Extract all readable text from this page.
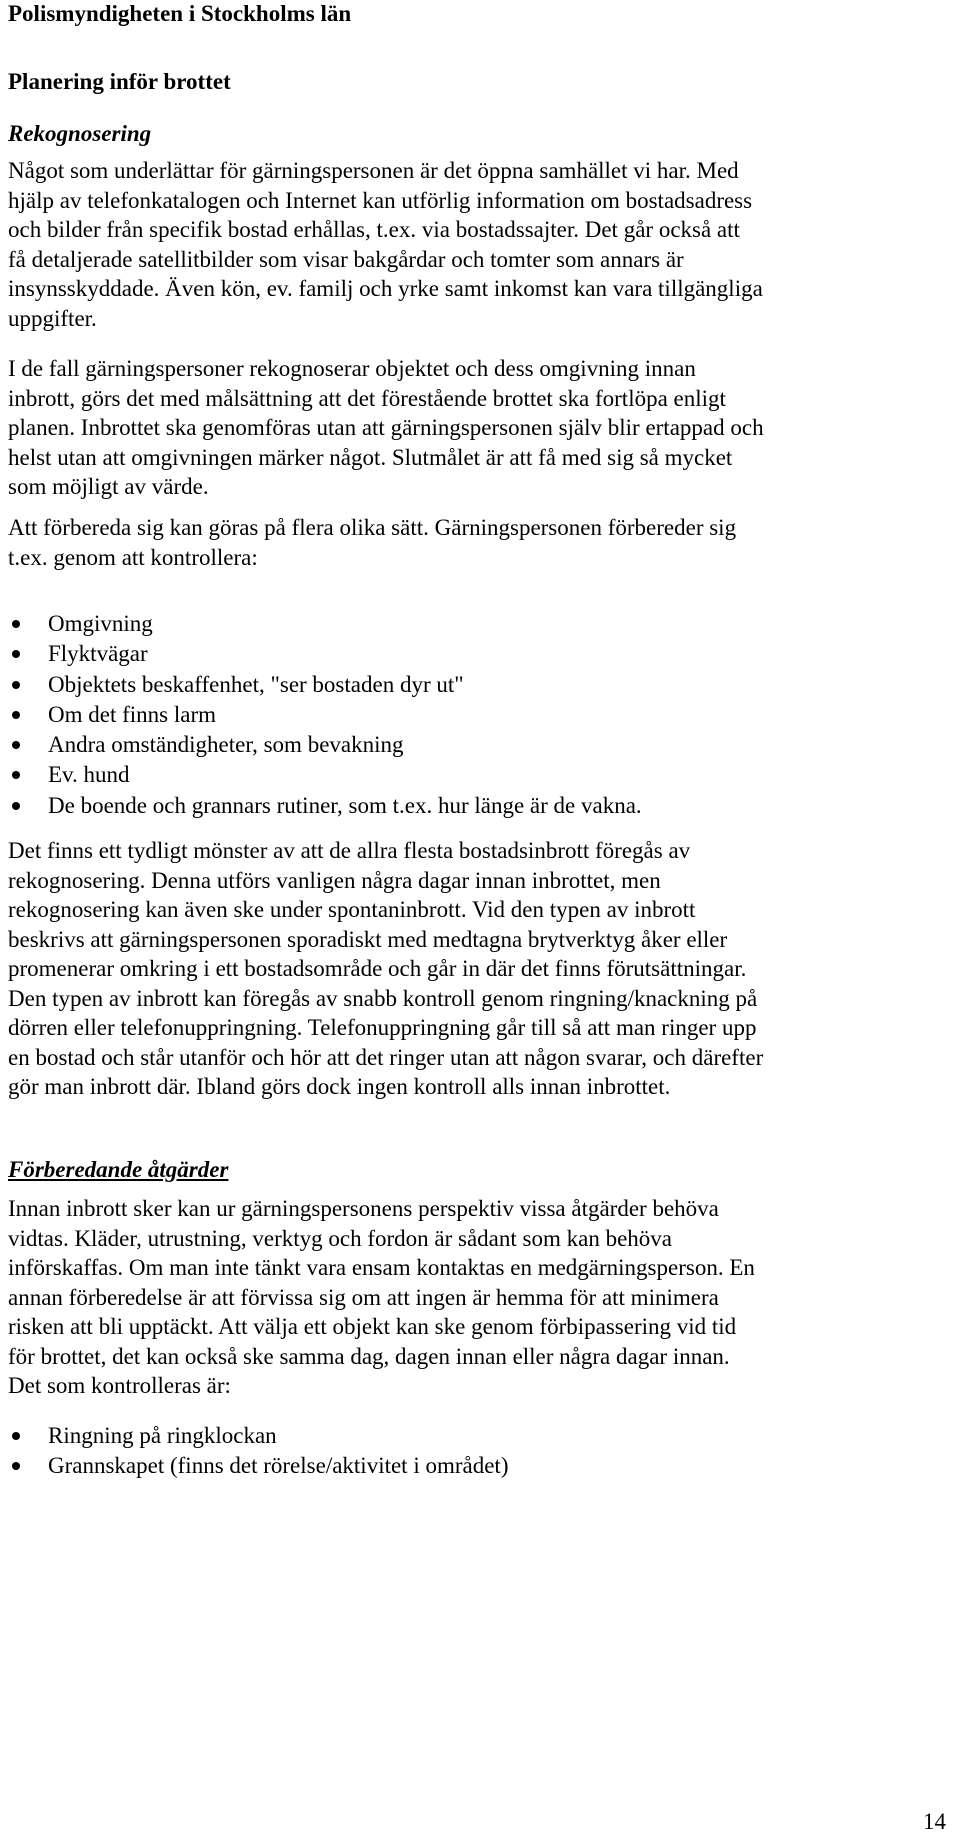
Polismyndigheten i Stockholms län
Planering inför brottet
Rekognosering

Något som underlättar för gärningspersonen är det öppna samhället vi har. Med

hjälp av telefonkatalogen och Internet kan utförlig information om bostadsadress

och bilder från specifik bostad erhållas, t.ex. via bostadssajter. Det går också att

få detaljerade satellitbilder som visar bakgårdar och tomter som annars är

insynsskyddade. Även kön, ev. familj och yrke samt inkomst kan vara tillgängliga

uppgifter.

I de fall gärningspersoner rekognoserar objektet och dess omgivning innan

inbrott, görs det med målsättning att det förestående brottet ska fortlöpa enligt

planen. Inbrottet ska genomföras utan att gärningspersonen själv blir ertappad och

helst utan att omgivningen märker något. Slutmålet är att få med sig så mycket

som möjligt av värde.

Att förbereda sig kan göras på flera olika sätt. Gärningspersonen förbereder sig

t.ex. genom att kontrollera:

Omgivning
Flyktvägar
Objektets beskaffenhet, "ser bostaden dyr ut"
Om det finns larm
Andra omständigheter, som bevakning
Ev. hund
De boende och grannars rutiner, som t.ex. hur länge är de vakna.

Det finns ett tydligt mönster av att de allra flesta bostadsinbrott föregås av

rekognosering. Denna utförs vanligen några dagar innan inbrottet, men

rekognosering kan även ske under spontaninbrott. Vid den typen av inbrott

beskrivs att gärningspersonen sporadiskt med medtagna brytverktyg åker eller

promenerar omkring i ett bostadsområde och går in där det finns förutsättningar.

Den typen av inbrott kan föregås av snabb kontroll genom ringning/knackning på

dörren eller telefonuppringning. Telefonuppringning går till så att man ringer upp

en bostad och står utanför och hör att det ringer utan att någon svarar, och därefter

gör man inbrott där. Ibland görs dock ingen kontroll alls innan inbrottet.

Förberedande åtgärder

Innan inbrott sker kan ur gärningspersonens perspektiv vissa åtgärder behöva

vidtas. Kläder, utrustning, verktyg och fordon är sådant som kan behöva

införskaffas. Om man inte tänkt vara ensam kontaktas en medgärningsperson. En

annan förberedelse är att förvissa sig om att ingen är hemma för att minimera

risken att bli upptäckt. Att välja ett objekt kan ske genom förbipassering vid tid

för brottet, det kan också ske samma dag, dagen innan eller några dagar innan.

Det som kontrolleras är:

Ringning på ringklockan
Grannskapet (finns det rörelse/aktivitet i området)
14
